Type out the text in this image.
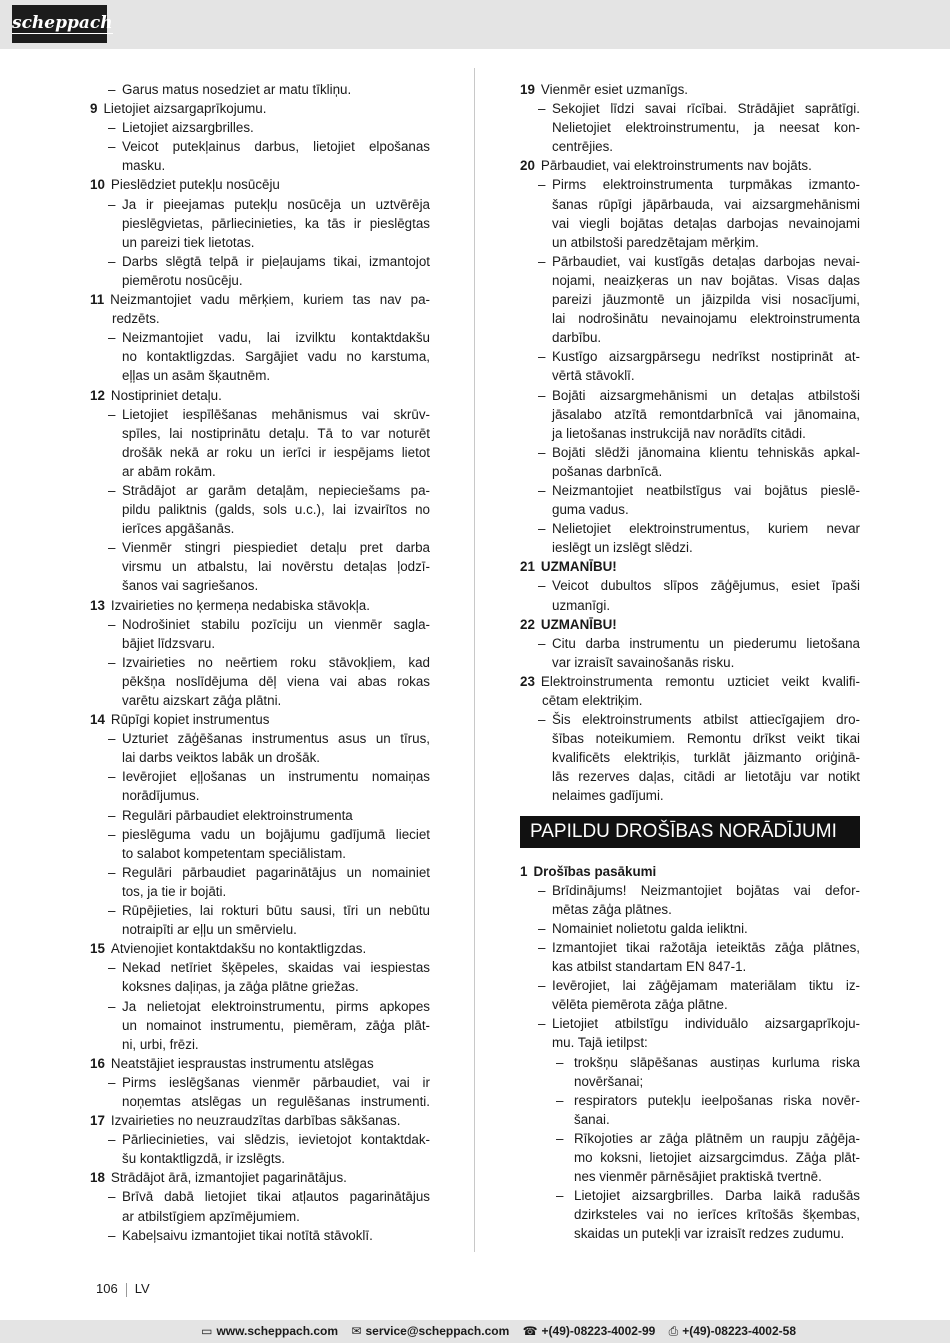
scheppach
– Garus matus nosedziet ar matu tīkliņu.
9 Lietojiet aizsargaprīkojumu.
– Lietojiet aizsargbrilles.
– Veicot putekļainus darbus, lietojiet elpošanas
masku.
10 Pieslēdziet putekļu nosūcēju
– Ja ir pieejamas putekļu nosūcēja un uztvērēja
pieslēgvietas, pārliecinieties, ka tās ir pieslēgtas
un pareizi tiek lietotas.
– Darbs slēgtā telpā ir pieļaujams tikai, izmantojot
piemērotu nosūcēju.
11 Neizmantojiet vadu mērķiem, kuriem tas nav pa-
redzēts.
– Neizmantojiet vadu, lai izvilktu kontaktdakšu
no kontaktligzdas. Sargājiet vadu no karstuma,
eļļas un asām šķautnēm.
12 Nostipriniet detaļu.
– Lietojiet iespīlēšanas mehānismus vai skrūv-
spīles, lai nostiprinātu detaļu. Tā to var noturēt
drošāk nekā ar roku un ierīci ir iespējams lietot
ar abām rokām.
– Strādājot ar garām detaļām, nepieciešams pa-
pildu paliktnis (galds, sols u.c.), lai izvairītos no
ierīces apgāšanās.
– Vienmēr stingri piespiediet detaļu pret darba
virsmu un atbalstu, lai novērstu detaļas ļodzī-
šanos vai sagriešanos.
13 Izvairieties no ķermeņa nedabiska stāvokļa.
– Nodrošiniet stabilu pozīciju un vienmēr sagla-
bājiet līdzsvaru.
– Izvairieties no neērtiem roku stāvokļiem, kad
pēkšņa noslīdējuma dēļ viena vai abas rokas
varētu aizskart zāģa plātni.
14 Rūpīgi kopiet instrumentus
– Uzturiet zāģēšanas instrumentus asus un tīrus,
lai darbs veiktos labāk un drošāk.
– Ievērojiet eļļošanas un instrumentu nomaiņas
norādījumus.
– Regulāri pārbaudiet elektroinstrumenta
– pieslēguma vadu un bojājumu gadījumā lieciet
to salabot kompetentam speciālistam.
– Regulāri pārbaudiet pagarinātājus un nomainiet
tos, ja tie ir bojāti.
– Rūpējieties, lai rokturi būtu sausi, tīri un nebūtu
notraipīti ar eļļu un smērvielu.
15 Atvienojiet kontaktdakšu no kontaktligzdas.
– Nekad netīriet šķēpeles, skaidas vai iespiestas
koksnes daļiņas, ja zāģa plātne griežas.
– Ja nelietojat elektroinstrumentu, pirms apkopes
un nomainot instrumentu, piemēram, zāģa plāt-
ni, urbi, frēzi.
16 Neatstājiet iespraustas instrumentu atslēgas
– Pirms ieslēgšanas vienmēr pārbaudiet, vai ir
noņemtas atslēgas un regulēšanas instrumenti.
17 Izvairieties no neuzraudzītas darbības sākšanas.
– Pārliecinieties, vai slēdzis, ievietojot kontaktdak-
šu kontaktligzdā, ir izslēgts.
18 Strādājot ārā, izmantojiet pagarinātājus.
– Brīvā dabā lietojiet tikai atļautos pagarinātājus
ar atbilstīgiem apzīmējumiem.
– Kabeļsaivu izmantojiet tikai notītā stāvoklī.
19 Vienmēr esiet uzmanīgs.
– Sekojiet līdzi savai rīcībai. Strādājiet saprātīgi.
Nelietojiet elektroinstrumentu, ja neesat kon-
centrējies.
20 Pārbaudiet, vai elektroinstruments nav bojāts.
– Pirms elektroinstrumenta turpmākas izmanto-
šanas rūpīgi jāpārbauda, vai aizsargmehānismi
vai viegli bojātas detaļas darbojas nevainojami
un atbilstoši paredzētajam mērķim.
– Pārbaudiet, vai kustīgās detaļas darbojas nevai-
nojami, neaizķeras un nav bojātas. Visas daļas
pareizi jāuzmontē un jāizpilda visi nosacījumi,
lai nodrošinātu nevainojamu elektroinstrumenta
darbību.
– Kustīgo aizsargpārsegu nedrīkst nostiprināt at-
vērtā stāvoklī.
– Bojāti aizsargmehānismi un detaļas atbilstoši
jāsalabo atzītā remontdarbnīcā vai jānomaina,
ja lietošanas instrukcijā nav norādīts citādi.
– Bojāti slēdži jānomaina klientu tehniskās apkal-
pošanas darbnīcā.
– Neizmantojiet neatbilstīgus vai bojātus pieslē-
guma vadus.
– Nelietojiet elektroinstrumentus, kuriem nevar
ieslēgt un izslēgt slēdzi.
21 UZMANĪBU!
– Veicot dubultos slīpos zāģējumus, esiet īpaši
uzmanīgi.
22 UZMANĪBU!
– Citu darba instrumentu un piederumu lietošana
var izraisīt savainošanās risku.
23 Elektroinstrumenta remontu uzticiet veikt kvalifi-
cētam elektriķim.
– Šis elektroinstruments atbilst attiecīgajiem dro-
šības noteikumiem. Remontu drīkst veikt tikai
kvalificēts elektriķis, turklāt jāizmanto oriģinā-
lās rezerves daļas, citādi ar lietotāju var notikt
nelaimes gadījumi.
PAPILDU DROŠĪBAS NORĀDĪJUMI
1 Drošības pasākumi
– Brīdinājums! Neizmantojiet bojātas vai defor-
mētas zāģa plātnes.
– Nomainiet nolietotu galda ieliktni.
– Izmantojiet tikai ražotāja ieteiktās zāģa plātnes,
kas atbilst standartam EN 847-1.
– Ievērojiet, lai zāģējamam materiālam tiktu iz-
vēlēta piemērota zāģa plātne.
– Lietojiet atbilstīgu individuālo aizsargaprīkoju-
mu. Tajā ietilpst:
– trokšņu slāpēšanas austiņas kurluma riska
novēršanai;
– respirators putekļu ieelpošanas riska novēr-
šanai.
– Rīkojoties ar zāģa plātnēm un raupju zāģēja-
mo koksni, lietojiet aizsargcimdus. Zāģa plāt-
nes vienmēr pārnēsājiet praktiskā tvertnē.
– Lietojiet aizsargbrilles. Darba laikā radušās
dzirksteles vai no ierīces krītošās šķembas,
skaidas un putekļi var izraisīt redzes zudumu.
106 LV
▭ www.scheppach.com ✉ service@scheppach.com ☎ +(49)-08223-4002-99 ⎙ +(49)-08223-4002-58
